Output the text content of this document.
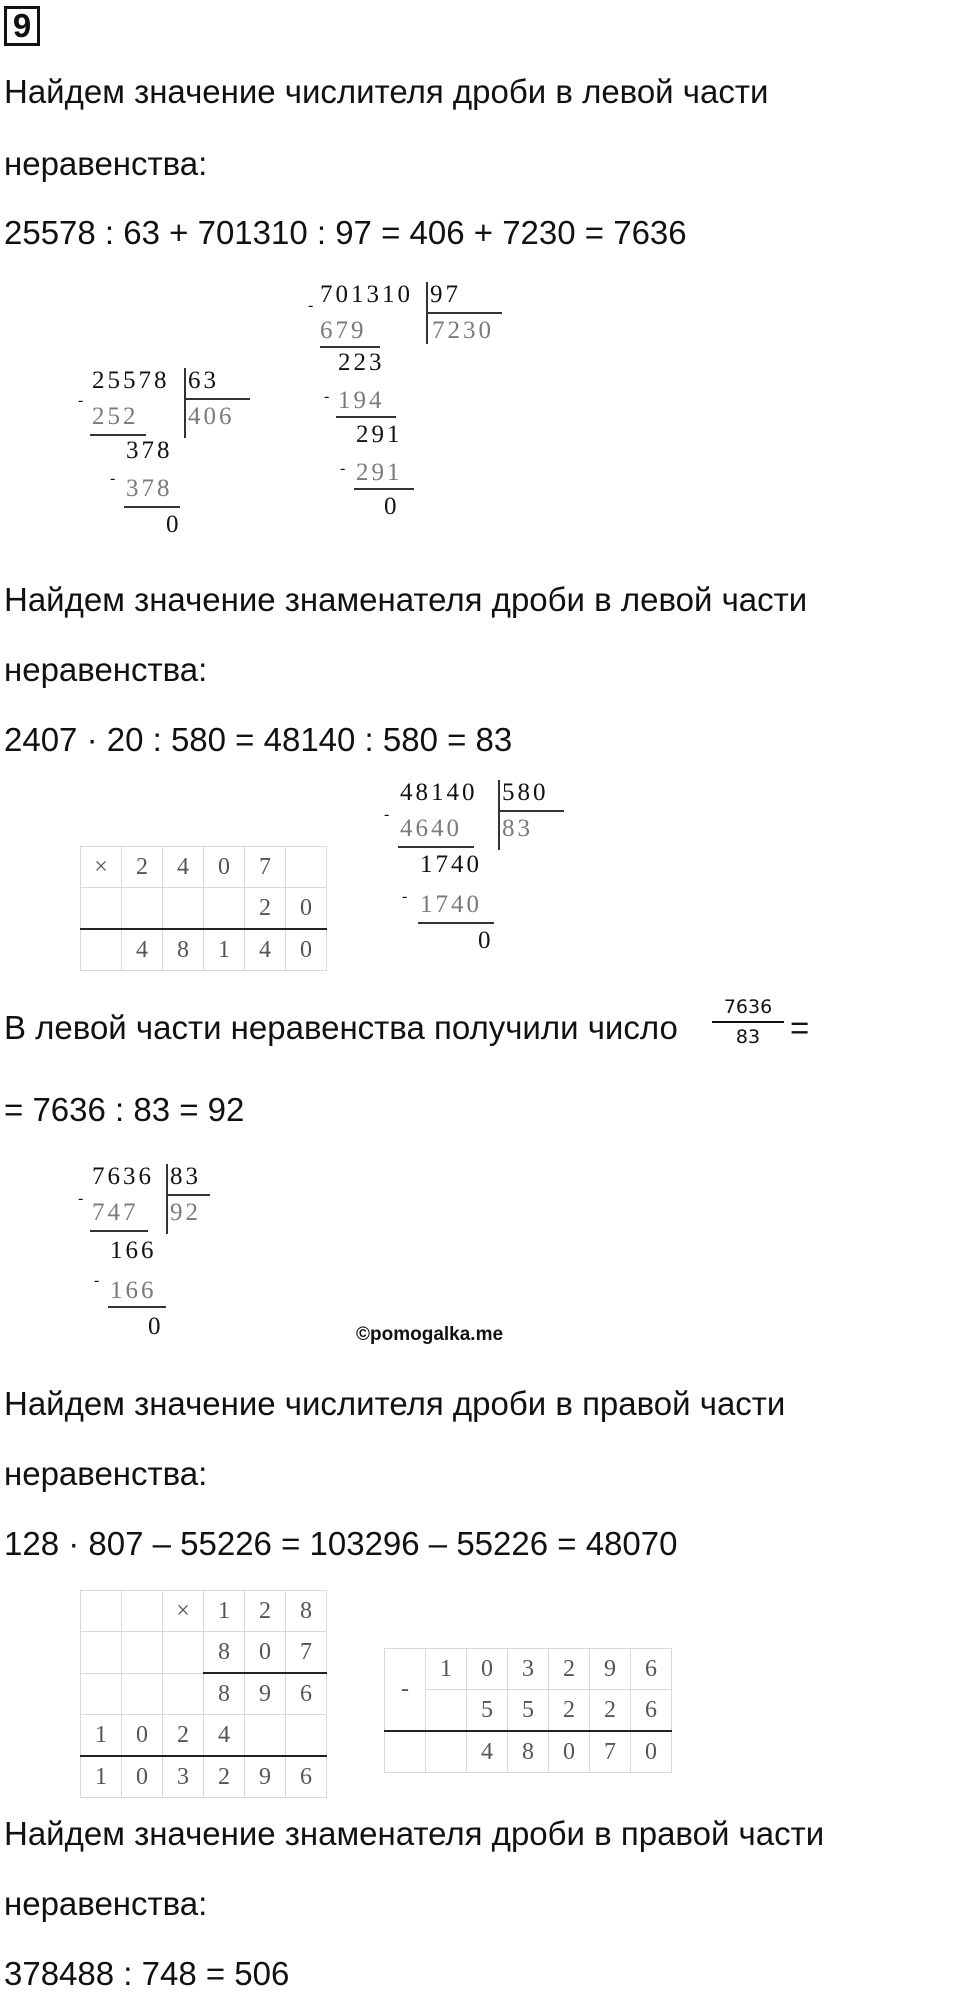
9
Найдем значение числителя дроби в левой части
неравенства:
25578 : 63 + 701310 : 97 = 406 + 7230 = 7636
- 701310 97
679	7230
223
- 194
291
- 291
0
-
25578 63
252 406
378
- 378
0
Найдем значение знаменателя дроби в левой части
неравенства:
2407 · 20 : 580 = 48140 : 580 = 83
×	2	4	0	7	
				2	0
	4	8	1	4	0
-
48140 580
4640 83
1740
- 1740
0
В левой части неравенства получили число
7636
83 =
= 7636 : 83 = 92
-
7636 83
747 92
166
- 166
0	©pomogalka.me
Найдем значение числителя дроби в правой части
неравенства:
128 · 807 – 55226 = 103296 – 55226 = 48070
		×	1	2	8
			8	0	7
			8	9	6
1	0	2	4		
1	0	3	2	9	6
-	1	0	3	2	9	6
		5	5	2	2	6
		4	8	0	7	0
Найдем значение знаменателя дроби в правой части
неравенства:
378488 : 748 = 506
